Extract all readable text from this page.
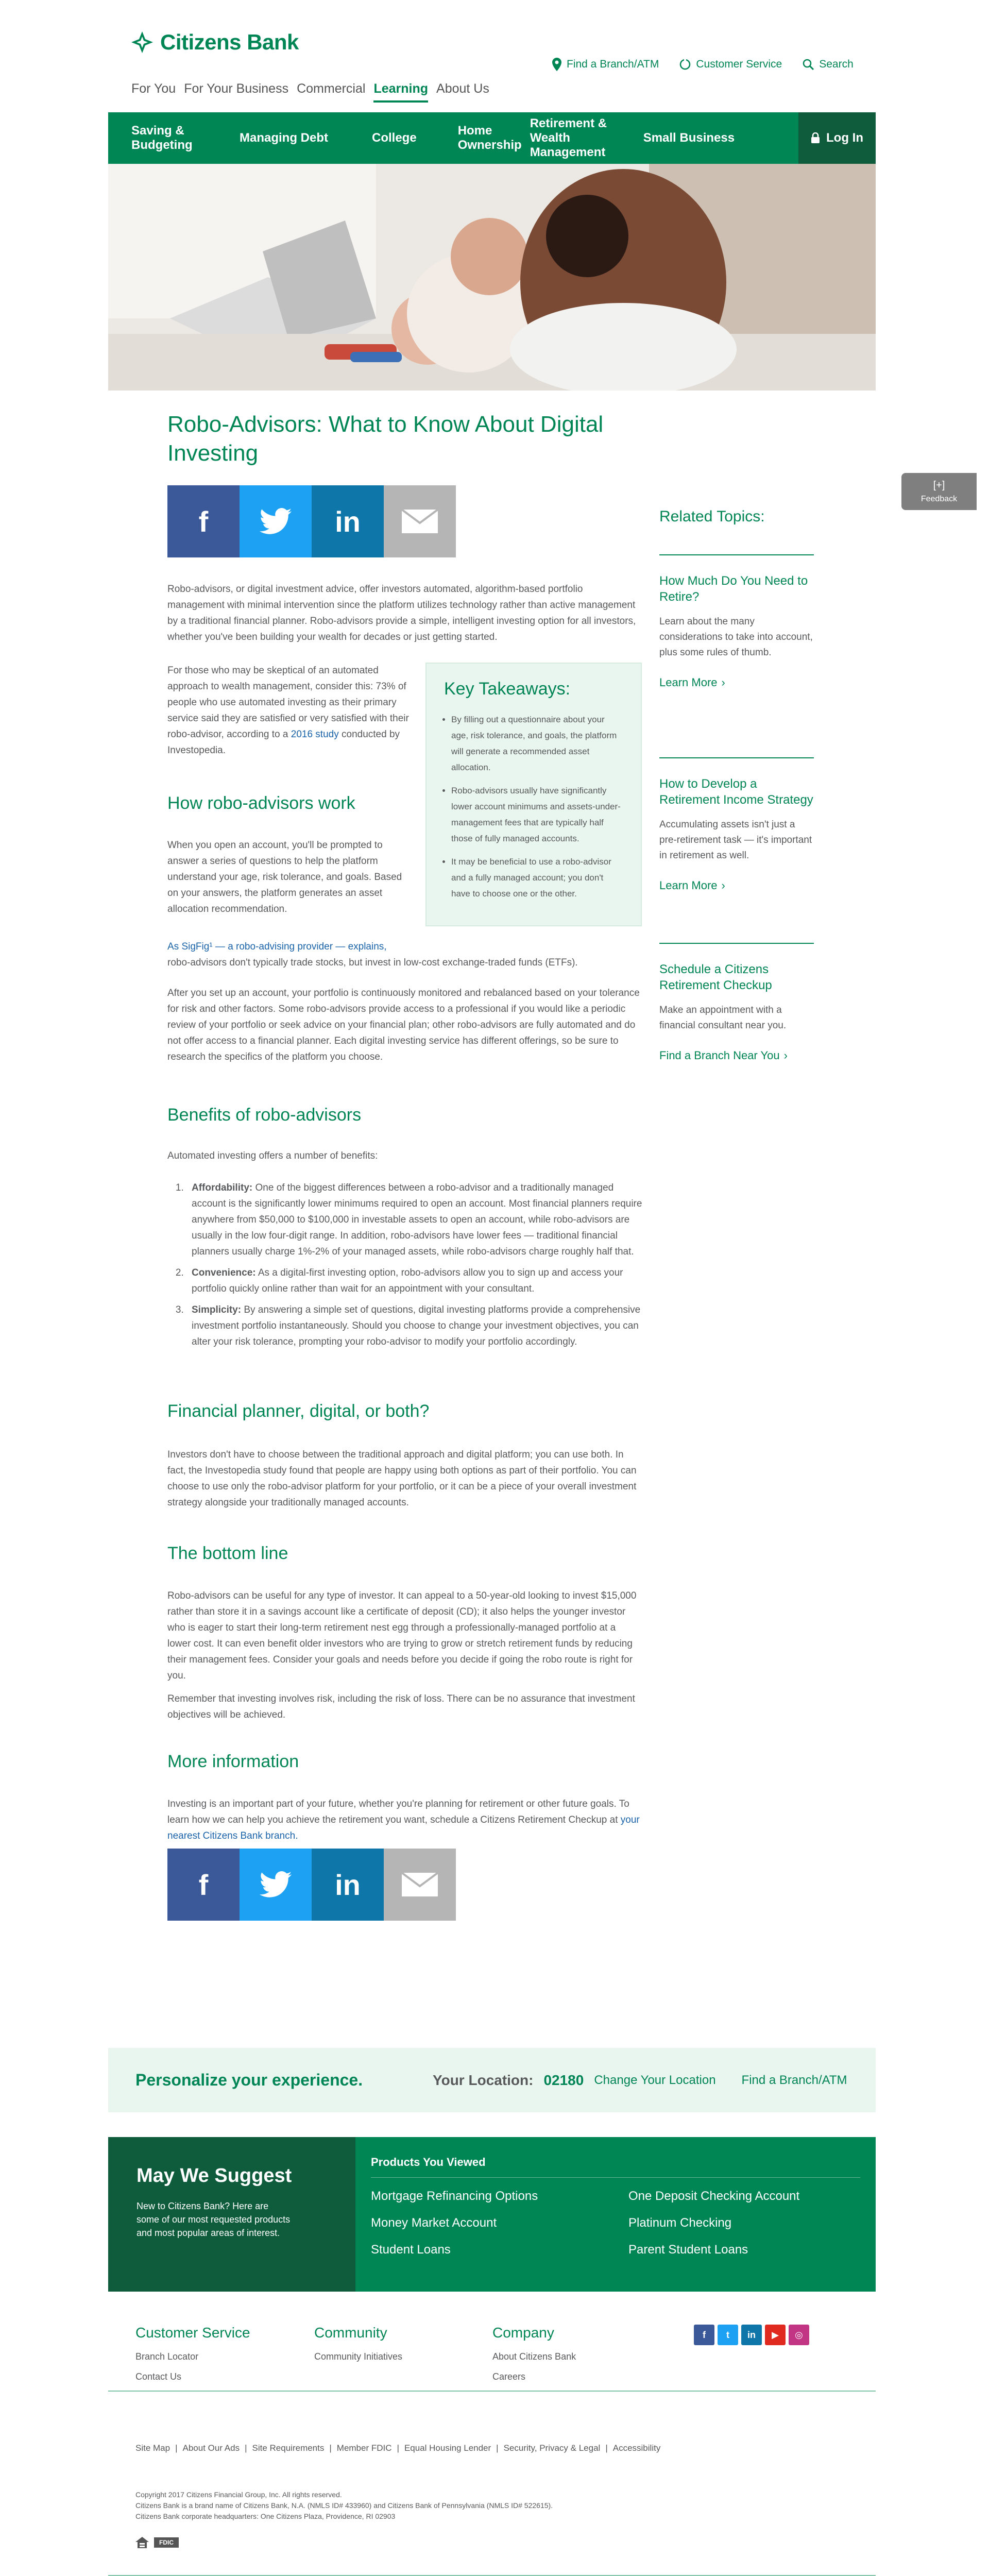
Citizens Bank
For You For Your Business Commercial Learning About Us
Find a Branch/ATM	Customer Service	Search
Saving & Budgeting
Managing Debt	College
Home Ownership
Retirement & Wealth Management
Small Business	Log In
Robo-Advisors: What to Know About Digital Investing
f	in

Robo-advisors, or digital investment advice, offer investors automated, algorithm-based portfolio management with minimal intervention since the platform utilizes technology rather than active management by a traditional financial planner. Robo-advisors provide a simple, intelligent investing option for all investors, whether you've been building your wealth for decades or just getting started.

For those who may be skeptical of an automated approach to wealth management, consider this: 73% of people who use automated investing as their primary service said they are satisfied or very satisfied with their robo-advisor, according to a 2016 study conducted by Investopedia.

Key Takeaways:
• By filling out a questionnaire about your age, risk tolerance, and goals, the platform will generate a recommended asset allocation.
• Robo-advisors usually have significantly lower account minimums and assets-under-management fees that are typically half those of fully managed accounts.
• It may be beneficial to use a robo-advisor and a fully managed account; you don't have to choose one or the other.
How robo-advisors work

When you open an account, you'll be prompted to answer a series of questions to help the platform understand your age, risk tolerance, and goals. Based on your answers, the platform generates an asset allocation recommendation.

As SigFig¹ — a robo-advising provider — explains,
robo-advisors don't typically trade stocks, but invest in low-cost exchange-traded funds (ETFs).

After you set up an account, your portfolio is continuously monitored and rebalanced based on your tolerance for risk and other factors. Some robo-advisors provide access to a professional if you would like a periodic review of your portfolio or seek advice on your financial plan; other robo-advisors are fully automated and do not offer access to a financial planner. Each digital investing service has different offerings, so be sure to research the specifics of the platform you choose.

Benefits of robo-advisors

Automated investing offers a number of benefits:

1. Affordability: One of the biggest differences between a robo-advisor and a traditionally managed account is the significantly lower minimums required to open an account. Most financial planners require anywhere from $50,000 to $100,000 in investable assets to open an account, while robo-advisors are usually in the low four-digit range. In addition, robo-advisors have lower fees — traditional financial planners usually charge 1%-2% of your managed assets, while robo-advisors charge roughly half that.
2. Convenience: As a digital-first investing option, robo-advisors allow you to sign up and access your portfolio quickly online rather than wait for an appointment with your consultant.
3. Simplicity: By answering a simple set of questions, digital investing platforms provide a comprehensive investment portfolio instantaneously. Should you choose to change your investment objectives, you can alter your risk tolerance, prompting your robo-advisor to modify your portfolio accordingly.
Financial planner, digital, or both?

Investors don't have to choose between the traditional approach and digital platform; you can use both. In fact, the Investopedia study found that people are happy using both options as part of their portfolio. You can choose to use only the robo-advisor platform for your portfolio, or it can be a piece of your overall investment strategy alongside your traditionally managed accounts.

The bottom line

Robo-advisors can be useful for any type of investor. It can appeal to a 50-year-old looking to invest $15,000 rather than store it in a savings account like a certificate of deposit (CD); it also helps the younger investor who is eager to start their long-term retirement nest egg through a professionally-managed portfolio at a lower cost. It can even benefit older investors who are trying to grow or stretch retirement funds by reducing their management fees. Consider your goals and needs before you decide if going the robo route is right for you.

Remember that investing involves risk, including the risk of loss. There can be no assurance that investment objectives will be achieved.

More information

Investing is an important part of your future, whether you're planning for retirement or other future goals. To learn how we can help you achieve the retirement you want, schedule a Citizens Retirement Checkup at your nearest Citizens Bank branch.

f	in
Related Topics:
How Much Do You Need to Retire?
Learn about the many considerations to take into account, plus some rules of thumb.
Learn More ›
How to Develop a Retirement Income Strategy
Accumulating assets isn't just a pre-retirement task — it's important in retirement as well.
Learn More ›
Schedule a Citizens Retirement Checkup
Make an appointment with a financial consultant near you.
Find a Branch Near You ›
Personalize your experience.	Your Location: 02180 Change Your Location Find a Branch/ATM
May We Suggest

New to Citizens Bank? Here are some of our most requested products and most popular areas of interest.

Products You Viewed
Mortgage Refinancing Options	One Deposit Checking Account
Money Market Account	Platinum Checking
Student Loans	Parent Student Loans
Customer Service
Branch Locator
Contact Us
Community
Community Initiatives
Company
About Citizens Bank
Careers
f	t	in	▶	◎
Site Map | About Our Ads | Site Requirements | Member FDIC | Equal Housing Lender | Security, Privacy & Legal | Accessibility
Copyright 2017 Citizens Financial Group, Inc. All rights reserved.
Citizens Bank is a brand name of Citizens Bank, N.A. (NMLS ID# 433960) and Citizens Bank of Pennsylvania (NMLS ID# 522615).
Citizens Bank corporate headquarters: One Citizens Plaza, Providence, RI 02903
FDIC

[+]
Feedback
